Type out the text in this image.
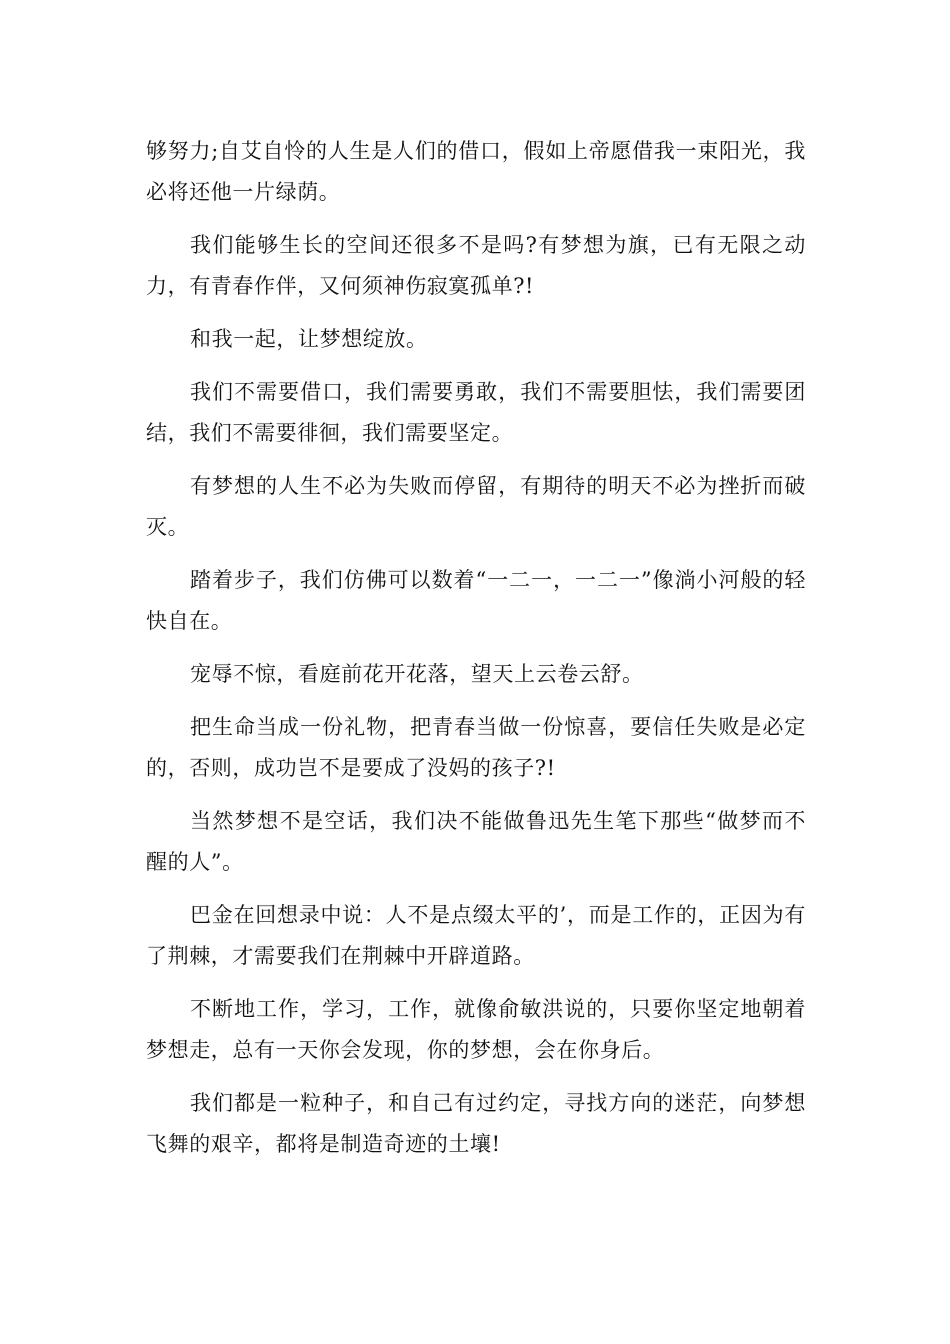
够努力;自艾自怜的人生是人们的借口，假如上帝愿借我一束阳光，我必将还他一片绿荫。

我们能够生长的空间还很多不是吗?有梦想为旗，已有无限之动力，有青春作伴，又何须神伤寂寞孤单?!

和我一起，让梦想绽放。

我们不需要借口，我们需要勇敢，我们不需要胆怯，我们需要团结，我们不需要徘徊，我们需要坚定。

有梦想的人生不必为失败而停留，有期待的明天不必为挫折而破灭。

踏着步子，我们仿佛可以数着“一二一，一二一”像淌小河般的轻快自在。

宠辱不惊，看庭前花开花落，望天上云卷云舒。

把生命当成一份礼物，把青春当做一份惊喜，要信任失败是必定的，否则，成功岂不是要成了没妈的孩子?!

当然梦想不是空话，我们决不能做鲁迅先生笔下那些“做梦而不醒的人”。

巴金在回想录中说：人不是点缀太平的’，而是工作的，正因为有了荆棘，才需要我们在荆棘中开辟道路。

不断地工作，学习，工作，就像俞敏洪说的，只要你坚定地朝着梦想走，总有一天你会发现，你的梦想，会在你身后。

我们都是一粒种子，和自己有过约定，寻找方向的迷茫，向梦想飞舞的艰辛，都将是制造奇迹的土壤!
